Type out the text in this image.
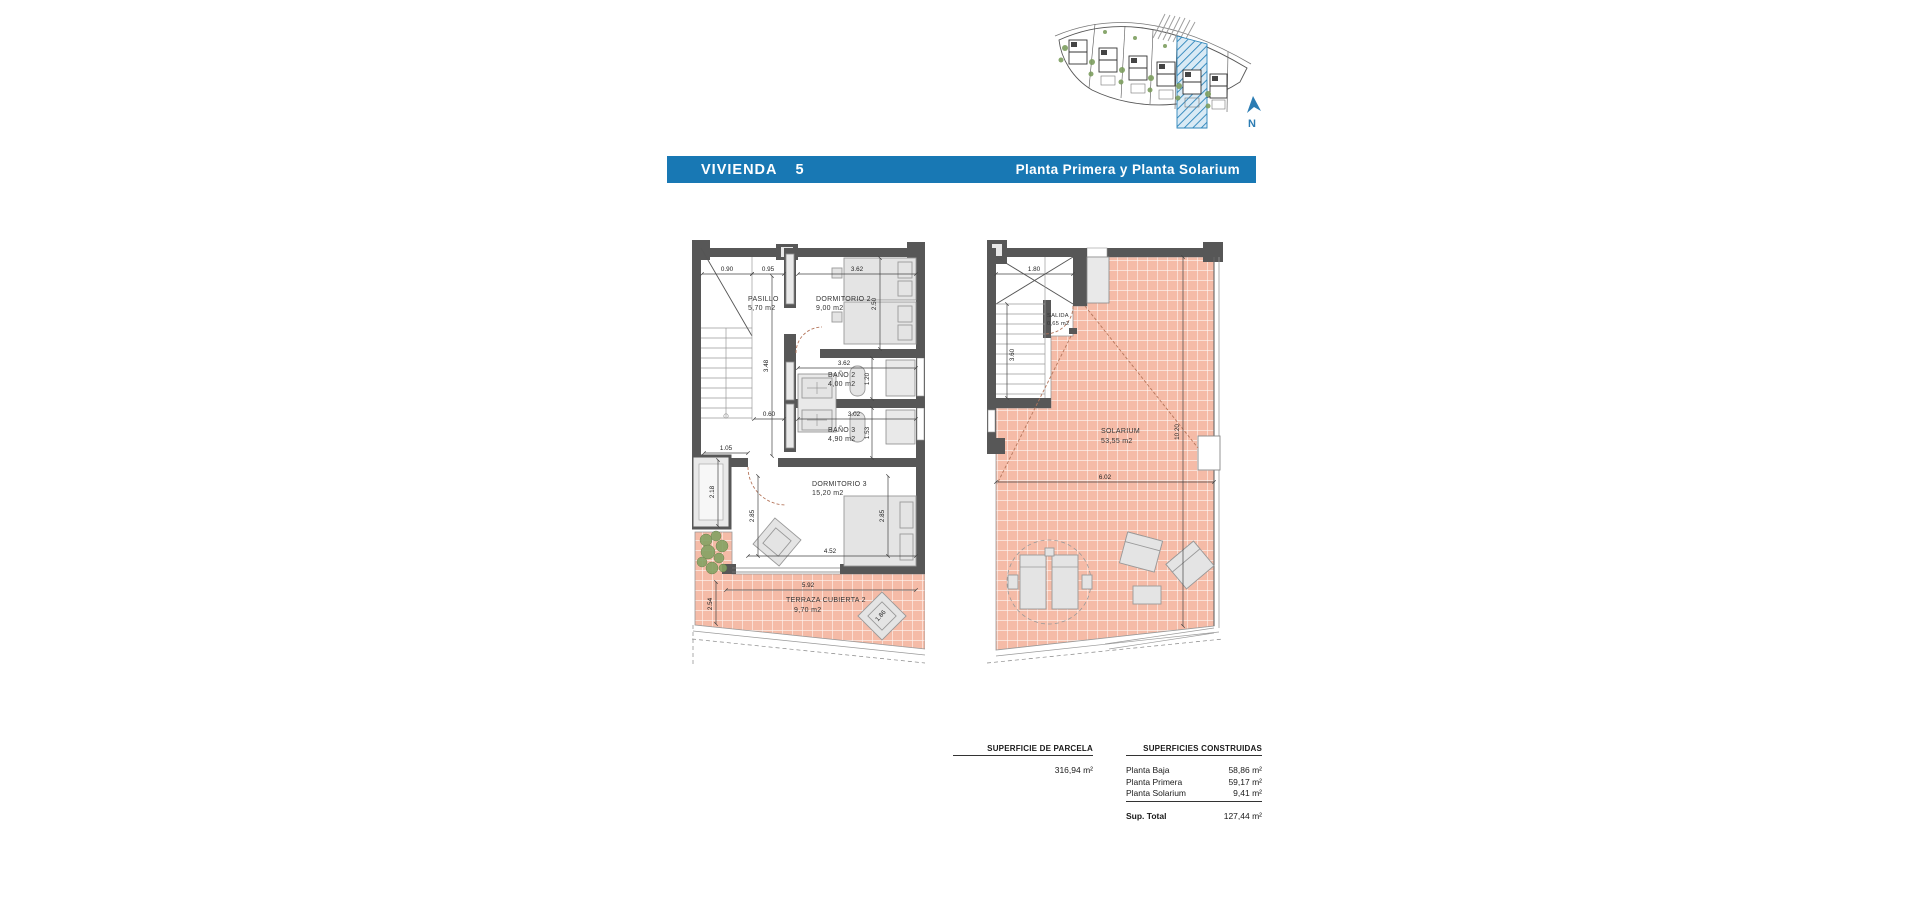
N
VIVIENDA 5	Planta Primera y Planta Solarium
0.90	0.95	3.62
2.50
3.48	3.62
1.20
0.60	3.02
1.53
1.05
2.18
2.85	2.85
4.52
5.92
2.54
1.86
PASILLO
5,70 m2
DORMITORIO 2
9,00 m2
BAÑO 2
4,00 m2
BAÑO 3
4,90 m2
DORMITORIO 3
15,20 m2
TERRAZA CUBIERTA 2
9,70 m2
1.80
3.60
10.20
6.02
SALIDA
0,65 m2
SOLARIUM
53,55 m2
SUPERFICIE DE PARCELA
316,94 m²
SUPERFICIES CONSTRUIDAS
Planta Baja	58,86 m²
Planta Primera	59,17 m²
Planta Solarium	9,41 m²
Sup. Total	127,44 m²
